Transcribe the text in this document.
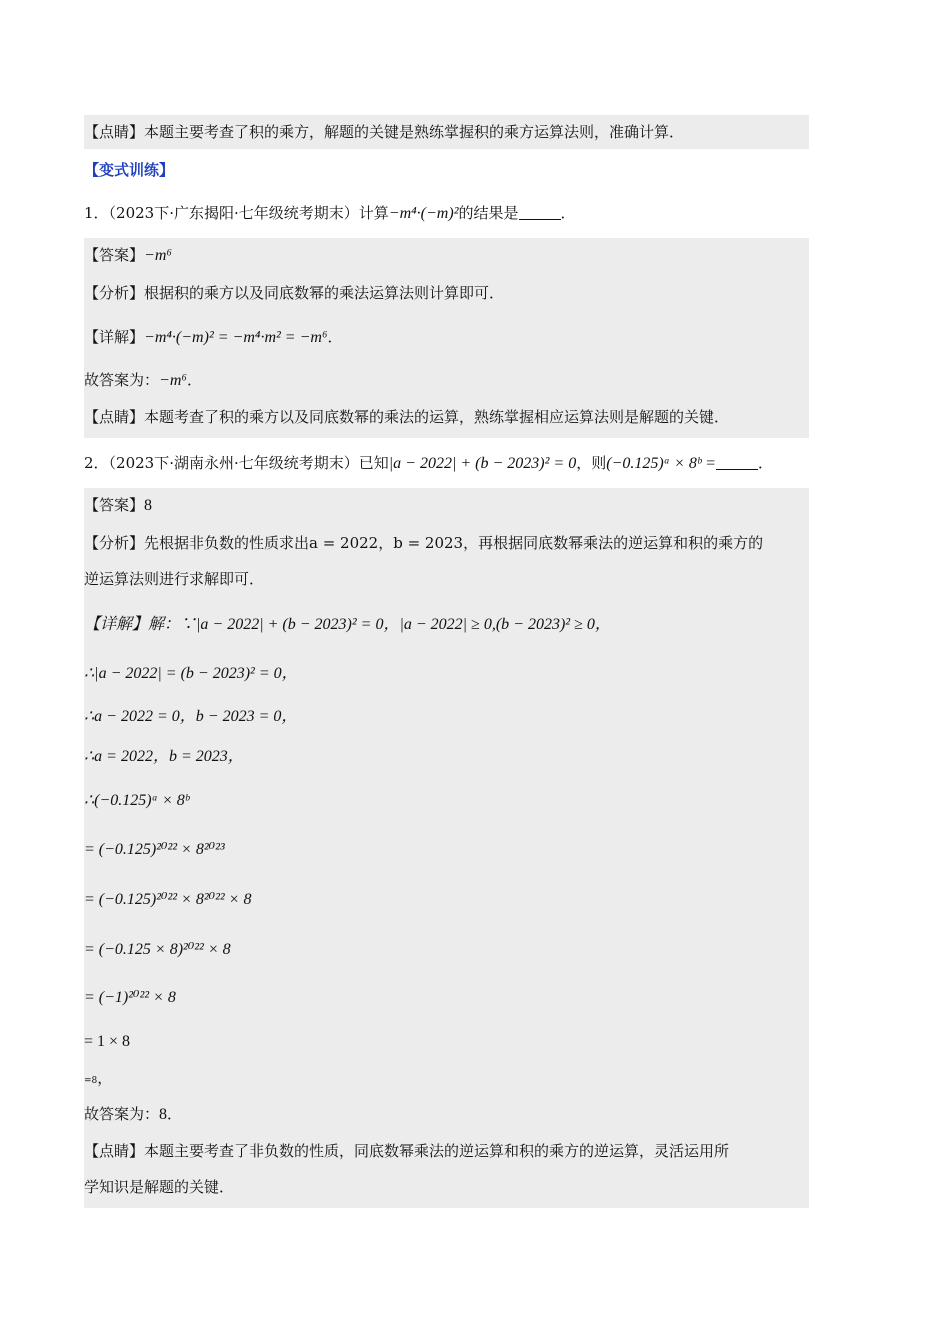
【点睛】本题主要考查了积的乘方，解题的关键是熟练掌握积的乘方运算法则，准确计算．
【变式训练】
1．（2023下·广东揭阳·七年级统考期末）计算−m⁴·(−m)²的结果是	．
【答案】−m⁶
【分析】根据积的乘方以及同底数幂的乘法运算法则计算即可．
【详解】−m⁴·(−m)² = −m⁴·m² = −m⁶．
故答案为：−m⁶．
【点睛】本题考查了积的乘方以及同底数幂的乘法的运算，熟练掌握相应运算法则是解题的关键．
2．（2023下·湖南永州·七年级统考期末）已知|a − 2022| + (b − 2023)² = 0，则(−0.125)ᵃ × 8ᵇ =	．
【答案】8
【分析】先根据非负数的性质求出a = 2022，b = 2023，再根据同底数幂乘法的逆运算和积的乘方的
逆运算法则进行求解即可．
【详解】解：∵|a − 2022| + (b − 2023)² = 0，|a − 2022| ≥ 0,(b − 2023)² ≥ 0，
∴|a − 2022| = (b − 2023)² = 0，
∴a − 2022 = 0，b − 2023 = 0，
∴a = 2022，b = 2023，
∴(−0.125)ᵃ × 8ᵇ
= (−0.125)²⁰²² × 8²⁰²³
= (−0.125)²⁰²² × 8²⁰²² × 8
= (−0.125 × 8)²⁰²² × 8
= (−1)²⁰²² × 8
= 1 × 8
=8，
故答案为：8．
【点睛】本题主要考查了非负数的性质，同底数幂乘法的逆运算和积的乘方的逆运算，灵活运用所
学知识是解题的关键．
